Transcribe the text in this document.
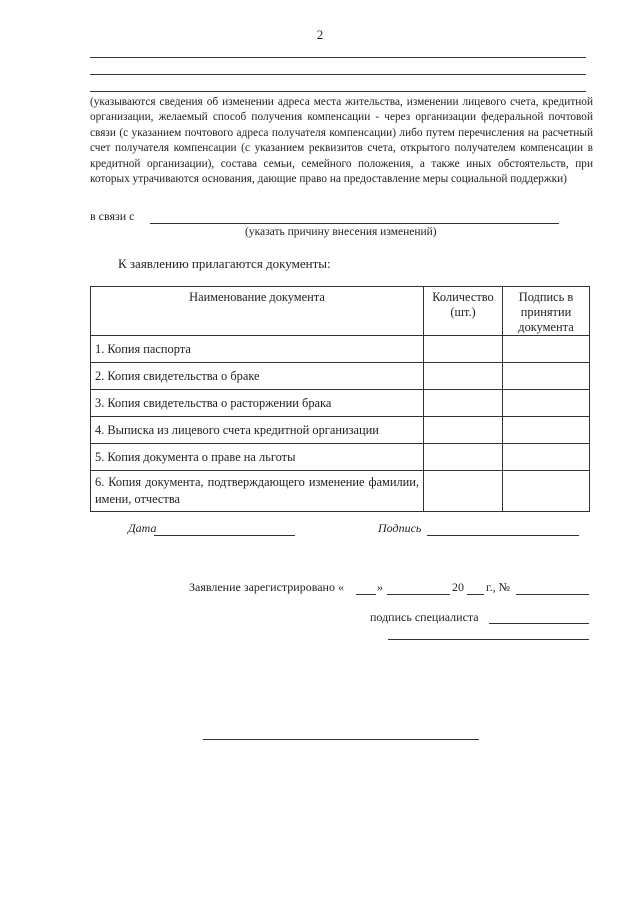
2
(указываются сведения об изменении адреса места жительства, изменении лицевого счета, кредитной организации, желаемый способ получения компенсации - через организации федеральной почтовой связи (с указанием почтового адреса получателя компенсации) либо путем перечисления на расчетный счет получателя компенсации (с указанием реквизитов счета, открытого получателем компенсации в кредитной организации), состава семьи, семейного положения, а также иных обстоятельств, при которых утрачиваются основания, дающие право на предоставление меры социальной поддержки)
в связи с
(указать причину внесения изменений)
К заявлению прилагаются документы:
Наименование документа	Количество (шт.)	Подпись в принятии документа
1. Копия паспорта		
2. Копия свидетельства о браке		
3. Копия свидетельства о расторжении брака		
4. Выписка из лицевого счета кредитной организации		
5. Копия документа о праве на льготы		
6. Копия документа, подтверждающего изменение фамилии, имени, отчества		
Дата	Подпись
Заявление зарегистрировано «	»	20 г., №
подпись специалиста
